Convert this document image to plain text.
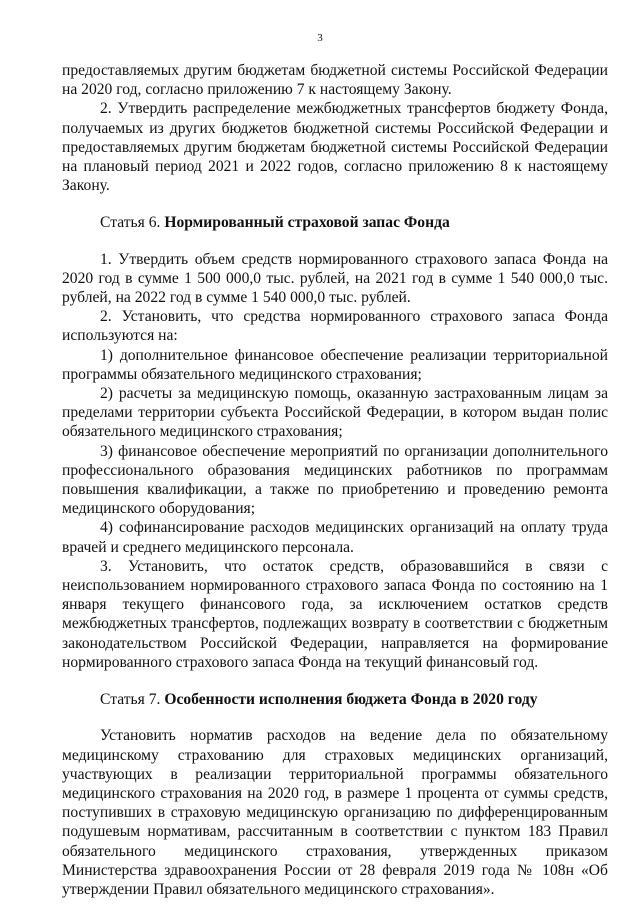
3

предоставляемых другим бюджетам бюджетной системы Российской Федерации на 2020 год, согласно приложению 7 к настоящему Закону.

2. Утвердить распределение межбюджетных трансфертов бюджету Фонда, получаемых из других бюджетов бюджетной системы Российской Федерации и предоставляемых другим бюджетам бюджетной системы Российской Федерации на плановый период 2021 и 2022 годов, согласно приложению 8 к настоящему Закону.

Статья 6. Нормированный страховой запас Фонда

1. Утвердить объем средств нормированного страхового запаса Фонда на 2020 год в сумме 1 500 000,0 тыс. рублей, на 2021 год в сумме 1 540 000,0 тыс. рублей, на 2022 год в сумме 1 540 000,0 тыс. рублей.

2. Установить, что средства нормированного страхового запаса Фонда используются на:

1) дополнительное финансовое обеспечение реализации территориальной программы обязательного медицинского страхования;

2) расчеты за медицинскую помощь, оказанную застрахованным лицам за пределами территории субъекта Российской Федерации, в котором выдан полис обязательного медицинского страхования;

3) финансовое обеспечение мероприятий по организации дополнительного профессионального образования медицинских работников по программам повышения квалификации, а также по приобретению и проведению ремонта медицинского оборудования;

4) софинансирование расходов медицинских организаций на оплату труда врачей и среднего медицинского персонала.

3. Установить, что остаток средств, образовавшийся в связи с неиспользованием нормированного страхового запаса Фонда по состоянию на 1 января текущего финансового года, за исключением остатков средств межбюджетных трансфертов, подлежащих возврату в соответствии с бюджетным законодательством Российской Федерации, направляется на формирование нормированного страхового запаса Фонда на текущий финансовый год.

Статья 7. Особенности исполнения бюджета Фонда в 2020 году

Установить норматив расходов на ведение дела по обязательному медицинскому страхованию для страховых медицинских организаций, участвующих в реализации территориальной программы обязательного медицинского страхования на 2020 год, в размере 1 процента от суммы средств, поступивших в страховую медицинскую организацию по дифференцированным подушевым нормативам, рассчитанным в соответствии с пунктом 183 Правил обязательного медицинского страхования, утвержденных приказом Министерства здравоохранения России от 28 февраля 2019 года № 108н «Об утверждении Правил обязательного медицинского страхования».
